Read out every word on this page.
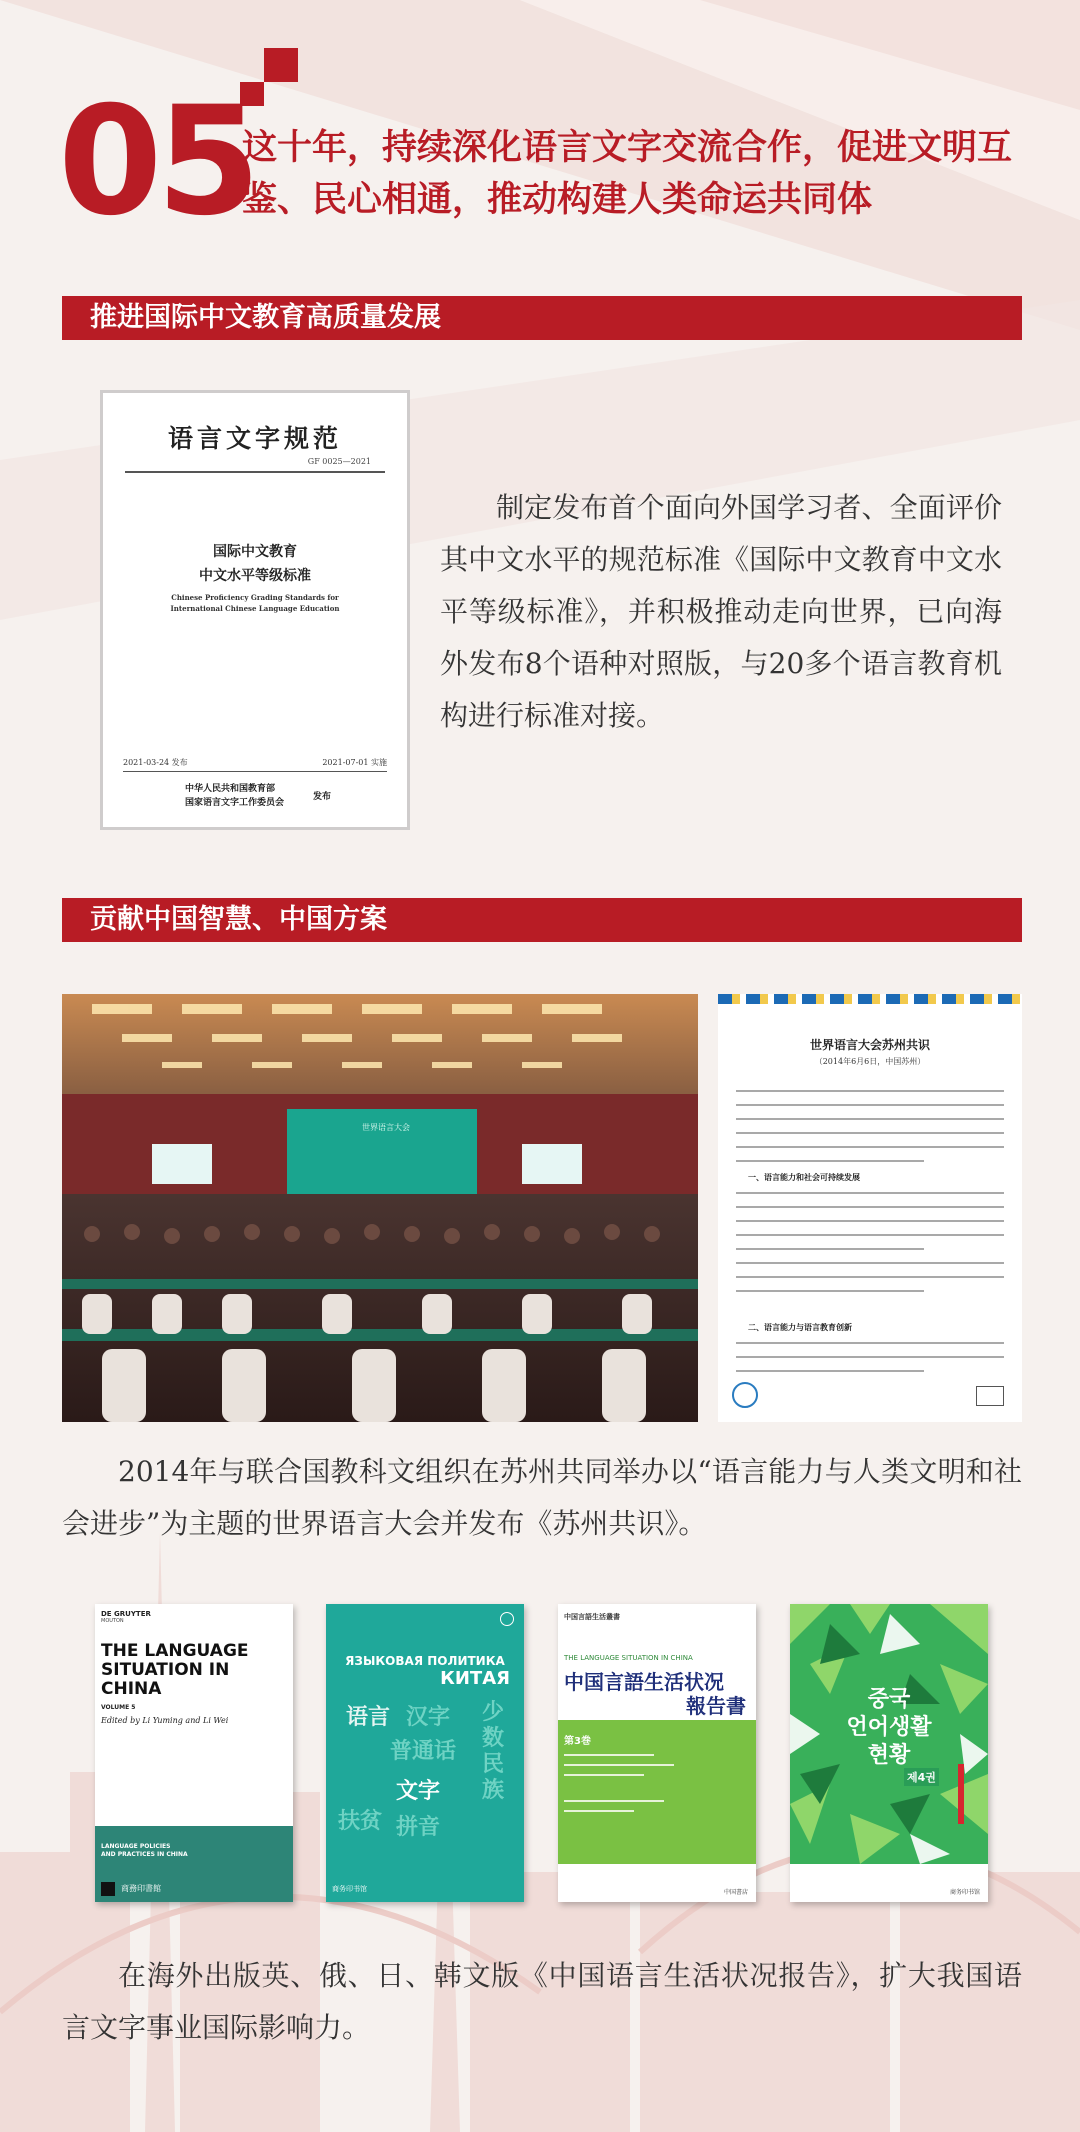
05
这十年，持续深化语言文字交流合作，促进文明互鉴、民心相通，推动构建人类命运共同体
推进国际中文教育高质量发展
语言文字规范
GF 0025—2021
国际中文教育
中文水平等级标准
Chinese Proficiency Grading Standards for
International Chinese Language Education
2021-03-24 发布	2021-07-01 实施
中华人民共和国教育部
国家语言文字工作委员会
发布
制定发布首个面向外国学习者、全面评价其中文水平的规范标准《国际中文教育中文水平等级标准》，并积极推动走向世界，已向海外发布8个语种对照版，与20多个语言教育机构进行标准对接。
贡献中国智慧、中国方案
世界语言大会
世界语言大会苏州共识
（2014年6月6日，中国苏州）
一、语言能力和社会可持续发展
二、语言能力与语言教育创新
2014年与联合国教科文组织在苏州共同举办以“语言能力与人类文明和社会进步”为主题的世界语言大会并发布《苏州共识》。
DE GRUYTER
MOUTON
THE LANGUAGE SITUATION IN CHINA
VOLUME 5
Edited by Li Yuming and Li Wei
LANGUAGE POLICIES
AND PRACTICES IN CHINA
商務印書館
ЯЗЫКОВАЯ ПОЛИТИКА
КИТАЯ
语言 汉字
普通话
文字
扶贫 拼音
少数民族
商务印书馆
中国言語生活叢書
THE LANGUAGE SITUATION IN CHINA
中国言語生活状况
報告書
第3巻
中国書店
중국
언어생활
현황
제4권
商务印书馆
在海外出版英、俄、日、韩文版《中国语言生活状况报告》，扩大我国语言文字事业国际影响力。
